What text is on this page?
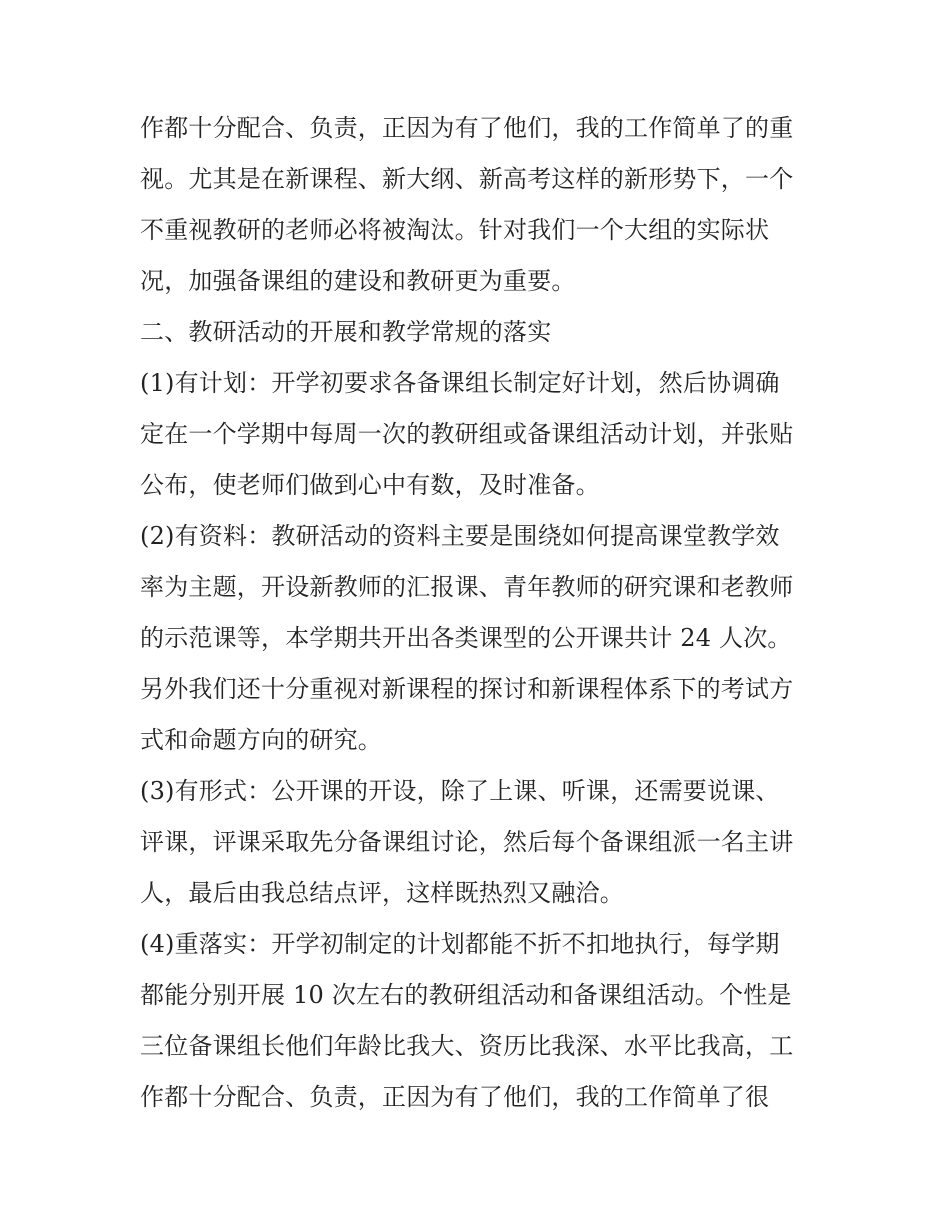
作都十分配合、负责，正因为有了他们，我的工作简单了的重
视。尤其是在新课程、新大纲、新高考这样的新形势下，一个
不重视教研的老师必将被淘汰。针对我们一个大组的实际状
况，加强备课组的建设和教研更为重要。
二、教研活动的开展和教学常规的落实
(1)有计划：开学初要求各备课组长制定好计划，然后协调确
定在一个学期中每周一次的教研组或备课组活动计划，并张贴
公布，使老师们做到心中有数，及时准备。
(2)有资料：教研活动的资料主要是围绕如何提高课堂教学效
率为主题，开设新教师的汇报课、青年教师的研究课和老教师
的示范课等，本学期共开出各类课型的公开课共计 24 人次。
另外我们还十分重视对新课程的探讨和新课程体系下的考试方
式和命题方向的研究。
(3)有形式：公开课的开设，除了上课、听课，还需要说课、
评课，评课采取先分备课组讨论，然后每个备课组派一名主讲
人，最后由我总结点评，这样既热烈又融洽。
(4)重落实：开学初制定的计划都能不折不扣地执行，每学期
都能分别开展 10 次左右的教研组活动和备课组活动。个性是
三位备课组长他们年龄比我大、资历比我深、水平比我高，工
作都十分配合、负责，正因为有了他们，我的工作简单了很
